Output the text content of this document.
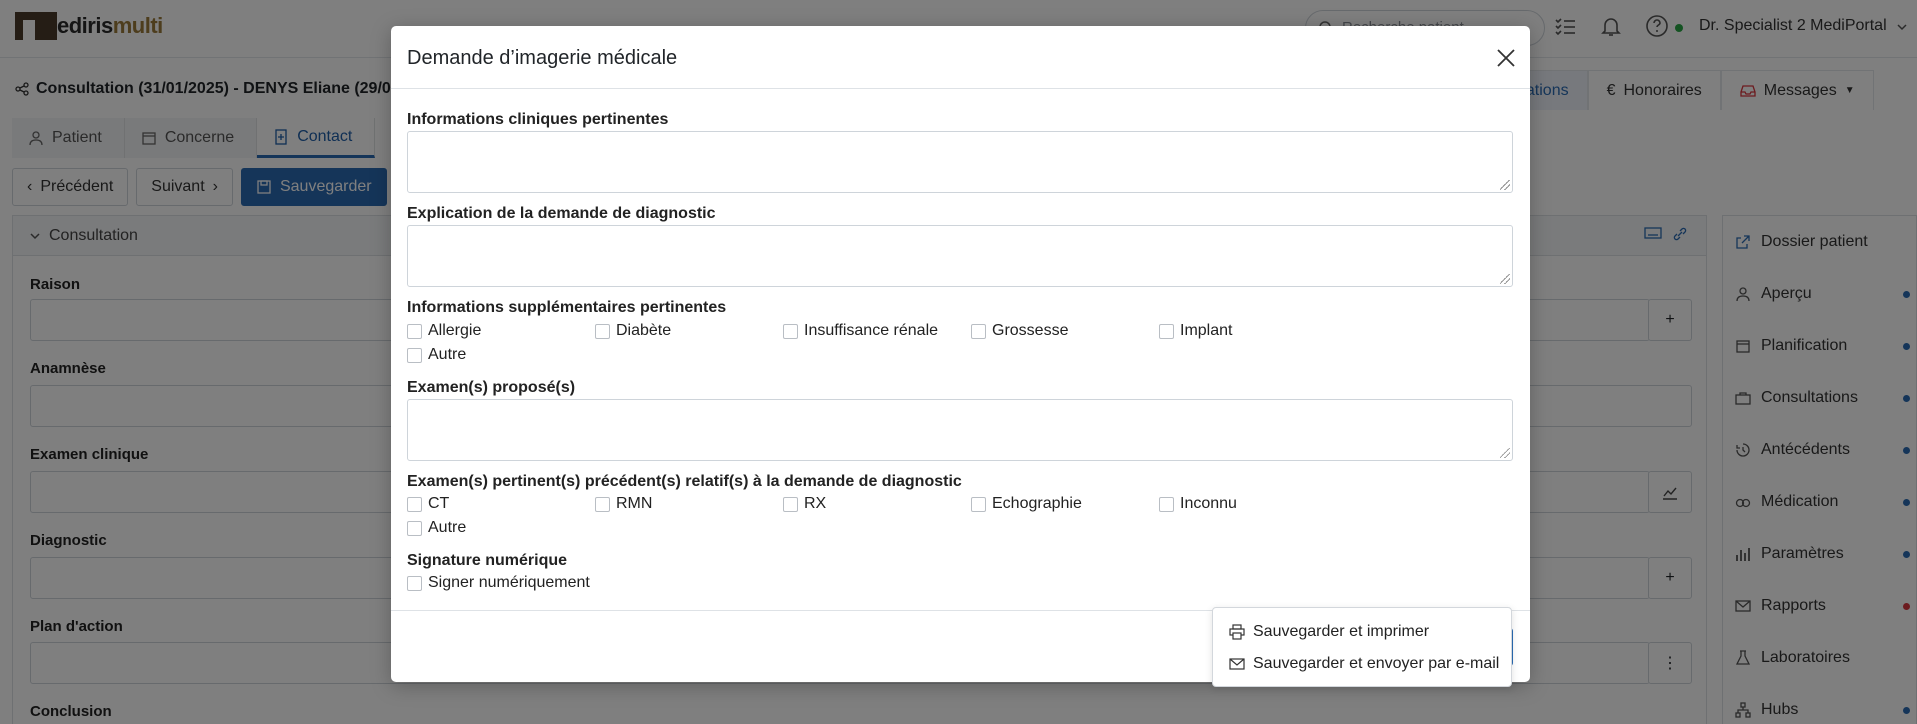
Demande d’imagerie médicale
Informations cliniques pertinentes
Explication de la demande de diagnostic
Informations supplémentaires pertinentes
Allergie	Diabète	Insuffisance rénale	Grossesse	Implant
Autre
Examen(s) proposé(s)
Examen(s) pertinent(s) précédent(s) relatif(s) à la demande de diagnostic
CT	RMN	RX	Echographie	Inconnu
Autre
Signature numérique
Signer numériquement
Sauvegarder et imprimer
Sauvegarder et envoyer par e-mail
